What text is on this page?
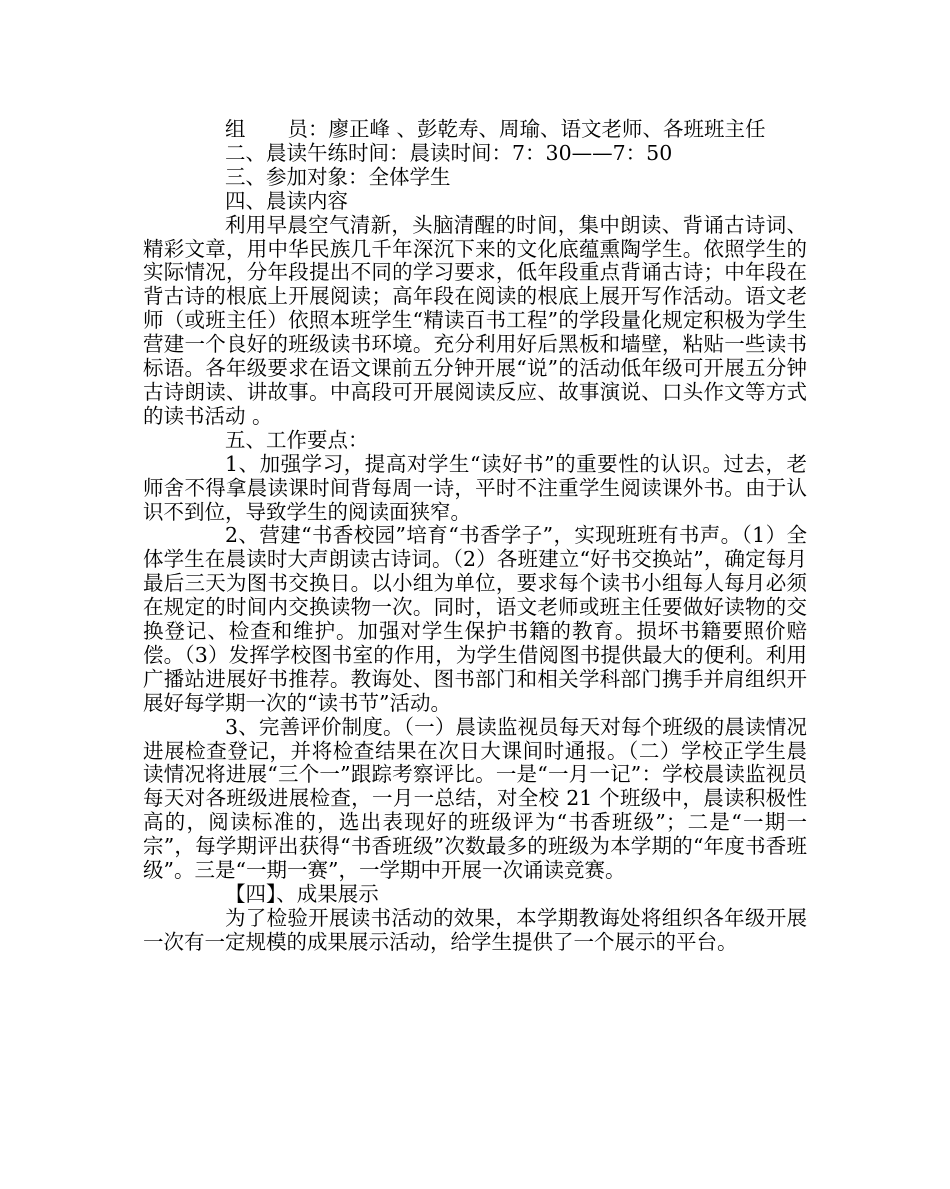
组 员：廖正峰 、彭乾寿、周瑜、语文老师、各班班主任

二、晨读午练时间：晨读时间：7：30——7：50

三、参加对象：全体学生

四、晨读内容

利用早晨空气清新，头脑清醒的时间，集中朗读、背诵古诗词、精彩文章，用中华民族几千年深沉下来的文化底蕴熏陶学生。依照学生的实际情况，分年段提出不同的学习要求，低年段重点背诵古诗；中年段在背古诗的根底上开展阅读；高年段在阅读的根底上展开写作活动。语文老师（或班主任）依照本班学生“精读百书工程”的学段量化规定积极为学生营建一个良好的班级读书环境。充分利用好后黑板和墙壁，粘贴一些读书标语。各年级要求在语文课前五分钟开展“说”的活动低年级可开展五分钟古诗朗读、讲故事。中高段可开展阅读反应、故事演说、口头作文等方式的读书活动 。

五、工作要点：

1、加强学习，提高对学生“读好书”的重要性的认识。过去，老师舍不得拿晨读课时间背每周一诗，平时不注重学生阅读课外书。由于认识不到位，导致学生的阅读面狭窄。

2、营建“书香校园”培育“书香学子”，实现班班有书声。（1）全体学生在晨读时大声朗读古诗词。（2）各班建立“好书交换站”，确定每月最后三天为图书交换日。以小组为单位，要求每个读书小组每人每月必须在规定的时间内交换读物一次。同时，语文老师或班主任要做好读物的交换登记、检查和维护。加强对学生保护书籍的教育。损坏书籍要照价赔偿。（3）发挥学校图书室的作用，为学生借阅图书提供最大的便利。利用广播站进展好书推荐。教诲处、图书部门和相关学科部门携手并肩组织开展好每学期一次的“读书节”活动。

3、完善评价制度。（一）晨读监视员每天对每个班级的晨读情况进展检查登记，并将检查结果在次日大课间时通报。（二）学校正学生晨读情况将进展“三个一”跟踪考察评比。一是“一月一记”：学校晨读监视员每天对各班级进展检查，一月一总结，对全校 21 个班级中，晨读积极性高的，阅读标准的，选出表现好的班级评为“书香班级”；二是“一期一宗”，每学期评出获得“书香班级”次数最多的班级为本学期的“年度书香班级”。三是“一期一赛”，一学期中开展一次诵读竞赛。

【四】、成果展示

为了检验开展读书活动的效果，本学期教诲处将组织各年级开展一次有一定规模的成果展示活动，给学生提供了一个展示的平台。
